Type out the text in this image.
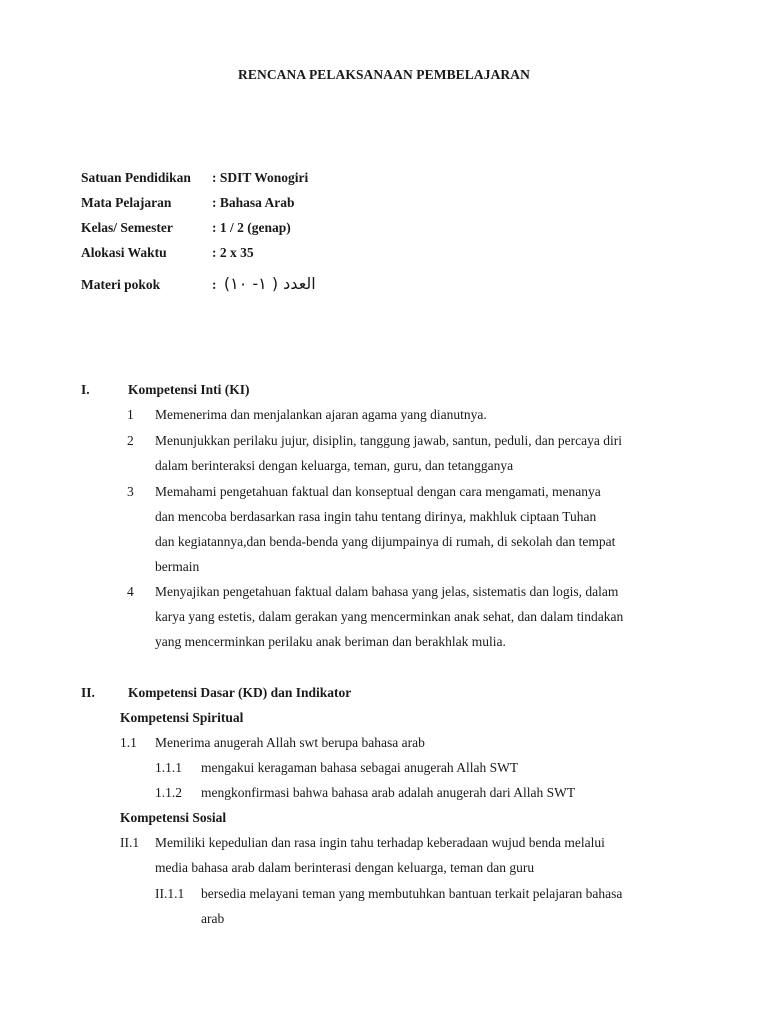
RENCANA PELAKSANAAN PEMBELAJARAN
Satuan Pendidikan : SDIT Wonogiri
Mata Pelajaran	: Bahasa Arab
Kelas/ Semester	: 1 / 2 (genap)
Alokasi Waktu	: 2 x 35
Materi pokok	: العدد ( ١- ١٠)
I.	Kompetensi Inti (KI)
1 Memenerima dan menjalankan ajaran agama yang dianutnya.
2 Menunjukkan perilaku jujur, disiplin, tanggung jawab, santun, peduli, dan percaya diri
dalam berinteraksi dengan keluarga, teman, guru, dan tetangganya
3 Memahami pengetahuan faktual dan konseptual dengan cara mengamati, menanya
dan mencoba berdasarkan rasa ingin tahu tentang dirinya, makhluk ciptaan Tuhan
dan kegiatannya,dan benda-benda yang dijumpainya di rumah, di sekolah dan tempat
bermain
4 Menyajikan pengetahuan faktual dalam bahasa yang jelas, sistematis dan logis, dalam
karya yang estetis, dalam gerakan yang mencerminkan anak sehat, dan dalam tindakan
yang mencerminkan perilaku anak beriman dan berakhlak mulia.
II. Kompetensi Dasar (KD) dan Indikator
Kompetensi Spiritual
1.1 Menerima anugerah Allah swt berupa bahasa arab
1.1.1 mengakui keragaman bahasa sebagai anugerah Allah SWT
1.1.2 mengkonfirmasi bahwa bahasa arab adalah anugerah dari Allah SWT
Kompetensi Sosial
II.1 Memiliki kepedulian dan rasa ingin tahu terhadap keberadaan wujud benda melalui
media bahasa arab dalam berinterasi dengan keluarga, teman dan guru
II.1.1 bersedia melayani teman yang membutuhkan bantuan terkait pelajaran bahasa
arab
